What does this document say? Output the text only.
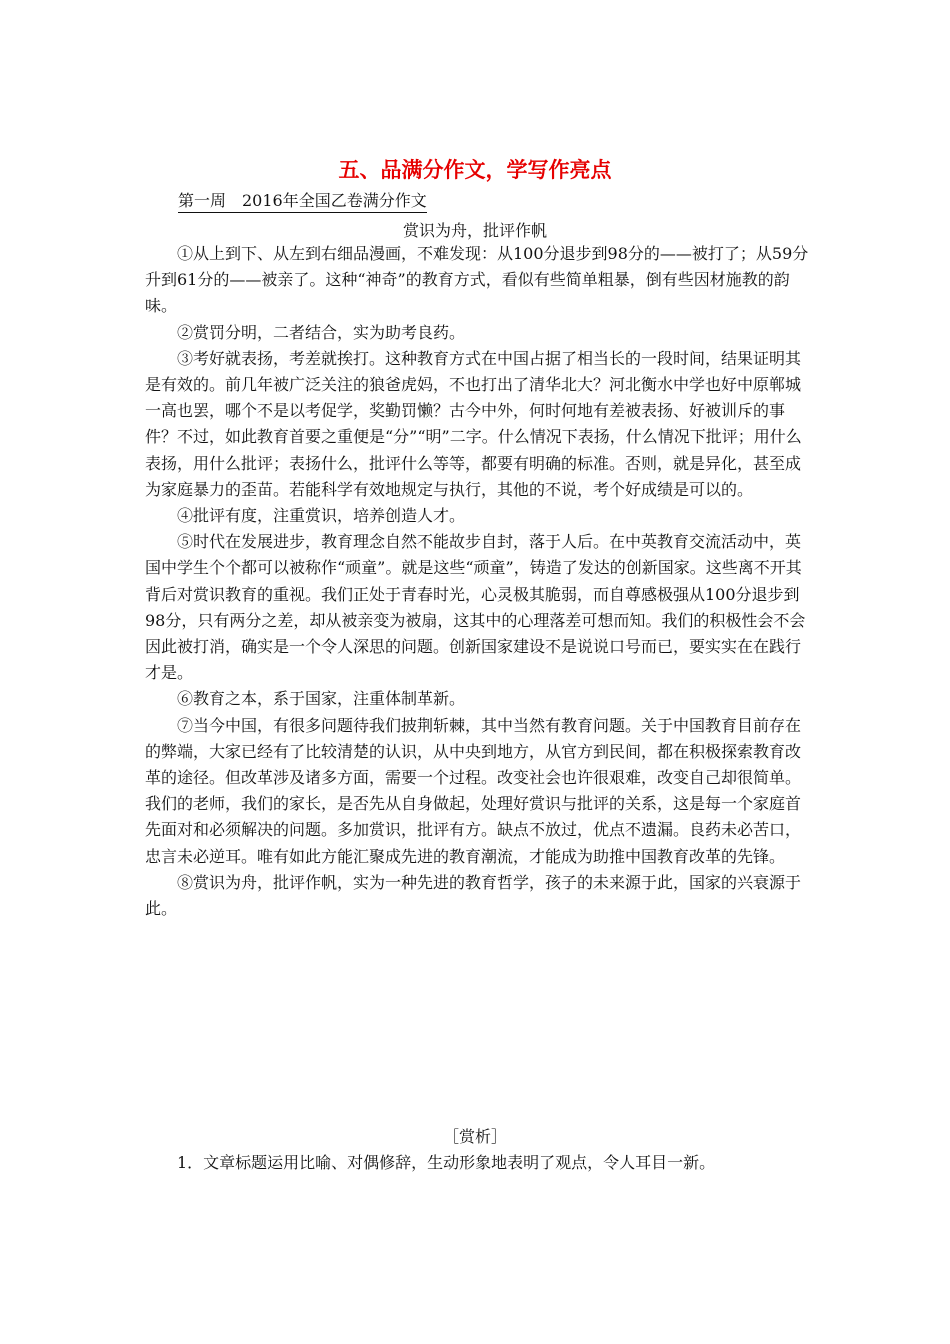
五、品满分作文，学写作亮点
第一周　2016年全国乙卷满分作文
赏识为舟，批评作帆

①从上到下、从左到右细品漫画，不难发现：从100分退步到98分的——被打了；从59分升到61分的——被亲了。这种“神奇”的教育方式，看似有些简单粗暴，倒有些因材施教的韵味。

②赏罚分明，二者结合，实为助考良药。

③考好就表扬，考差就挨打。这种教育方式在中国占据了相当长的一段时间，结果证明其是有效的。前几年被广泛关注的狼爸虎妈，不也打出了清华北大？河北衡水中学也好中原郸城一高也罢，哪个不是以考促学，奖勤罚懒？古今中外，何时何地有差被表扬、好被训斥的事件？不过，如此教育首要之重便是“分”“明”二字。什么情况下表扬，什么情况下批评；用什么表扬，用什么批评；表扬什么，批评什么等等，都要有明确的标准。否则，就是异化，甚至成为家庭暴力的歪苗。若能科学有效地规定与执行，其他的不说，考个好成绩是可以的。

④批评有度，注重赏识，培养创造人才。

⑤时代在发展进步，教育理念自然不能故步自封，落于人后。在中英教育交流活动中，英国中学生个个都可以被称作“顽童”。就是这些“顽童”，铸造了发达的创新国家。这些离不开其背后对赏识教育的重视。我们正处于青春时光，心灵极其脆弱，而自尊感极强从100分退步到98分，只有两分之差，却从被亲变为被扇，这其中的心理落差可想而知。我们的积极性会不会因此被打消，确实是一个令人深思的问题。创新国家建设不是说说口号而已，要实实在在践行才是。

⑥教育之本，系于国家，注重体制革新。

⑦当今中国，有很多问题待我们披荆斩棘，其中当然有教育问题。关于中国教育目前存在的弊端，大家已经有了比较清楚的认识，从中央到地方，从官方到民间，都在积极探索教育改革的途径。但改革涉及诸多方面，需要一个过程。改变社会也许很艰难，改变自己却很简单。我们的老师，我们的家长，是否先从自身做起，处理好赏识与批评的关系，这是每一个家庭首先面对和必须解决的问题。多加赏识，批评有方。缺点不放过，优点不遗漏。良药未必苦口，忠言未必逆耳。唯有如此方能汇聚成先进的教育潮流，才能成为助推中国教育改革的先锋。

⑧赏识为舟，批评作帆，实为一种先进的教育哲学，孩子的未来源于此，国家的兴衰源于此。

［赏析］
1．文章标题运用比喻、对偶修辞，生动形象地表明了观点，令人耳目一新。
